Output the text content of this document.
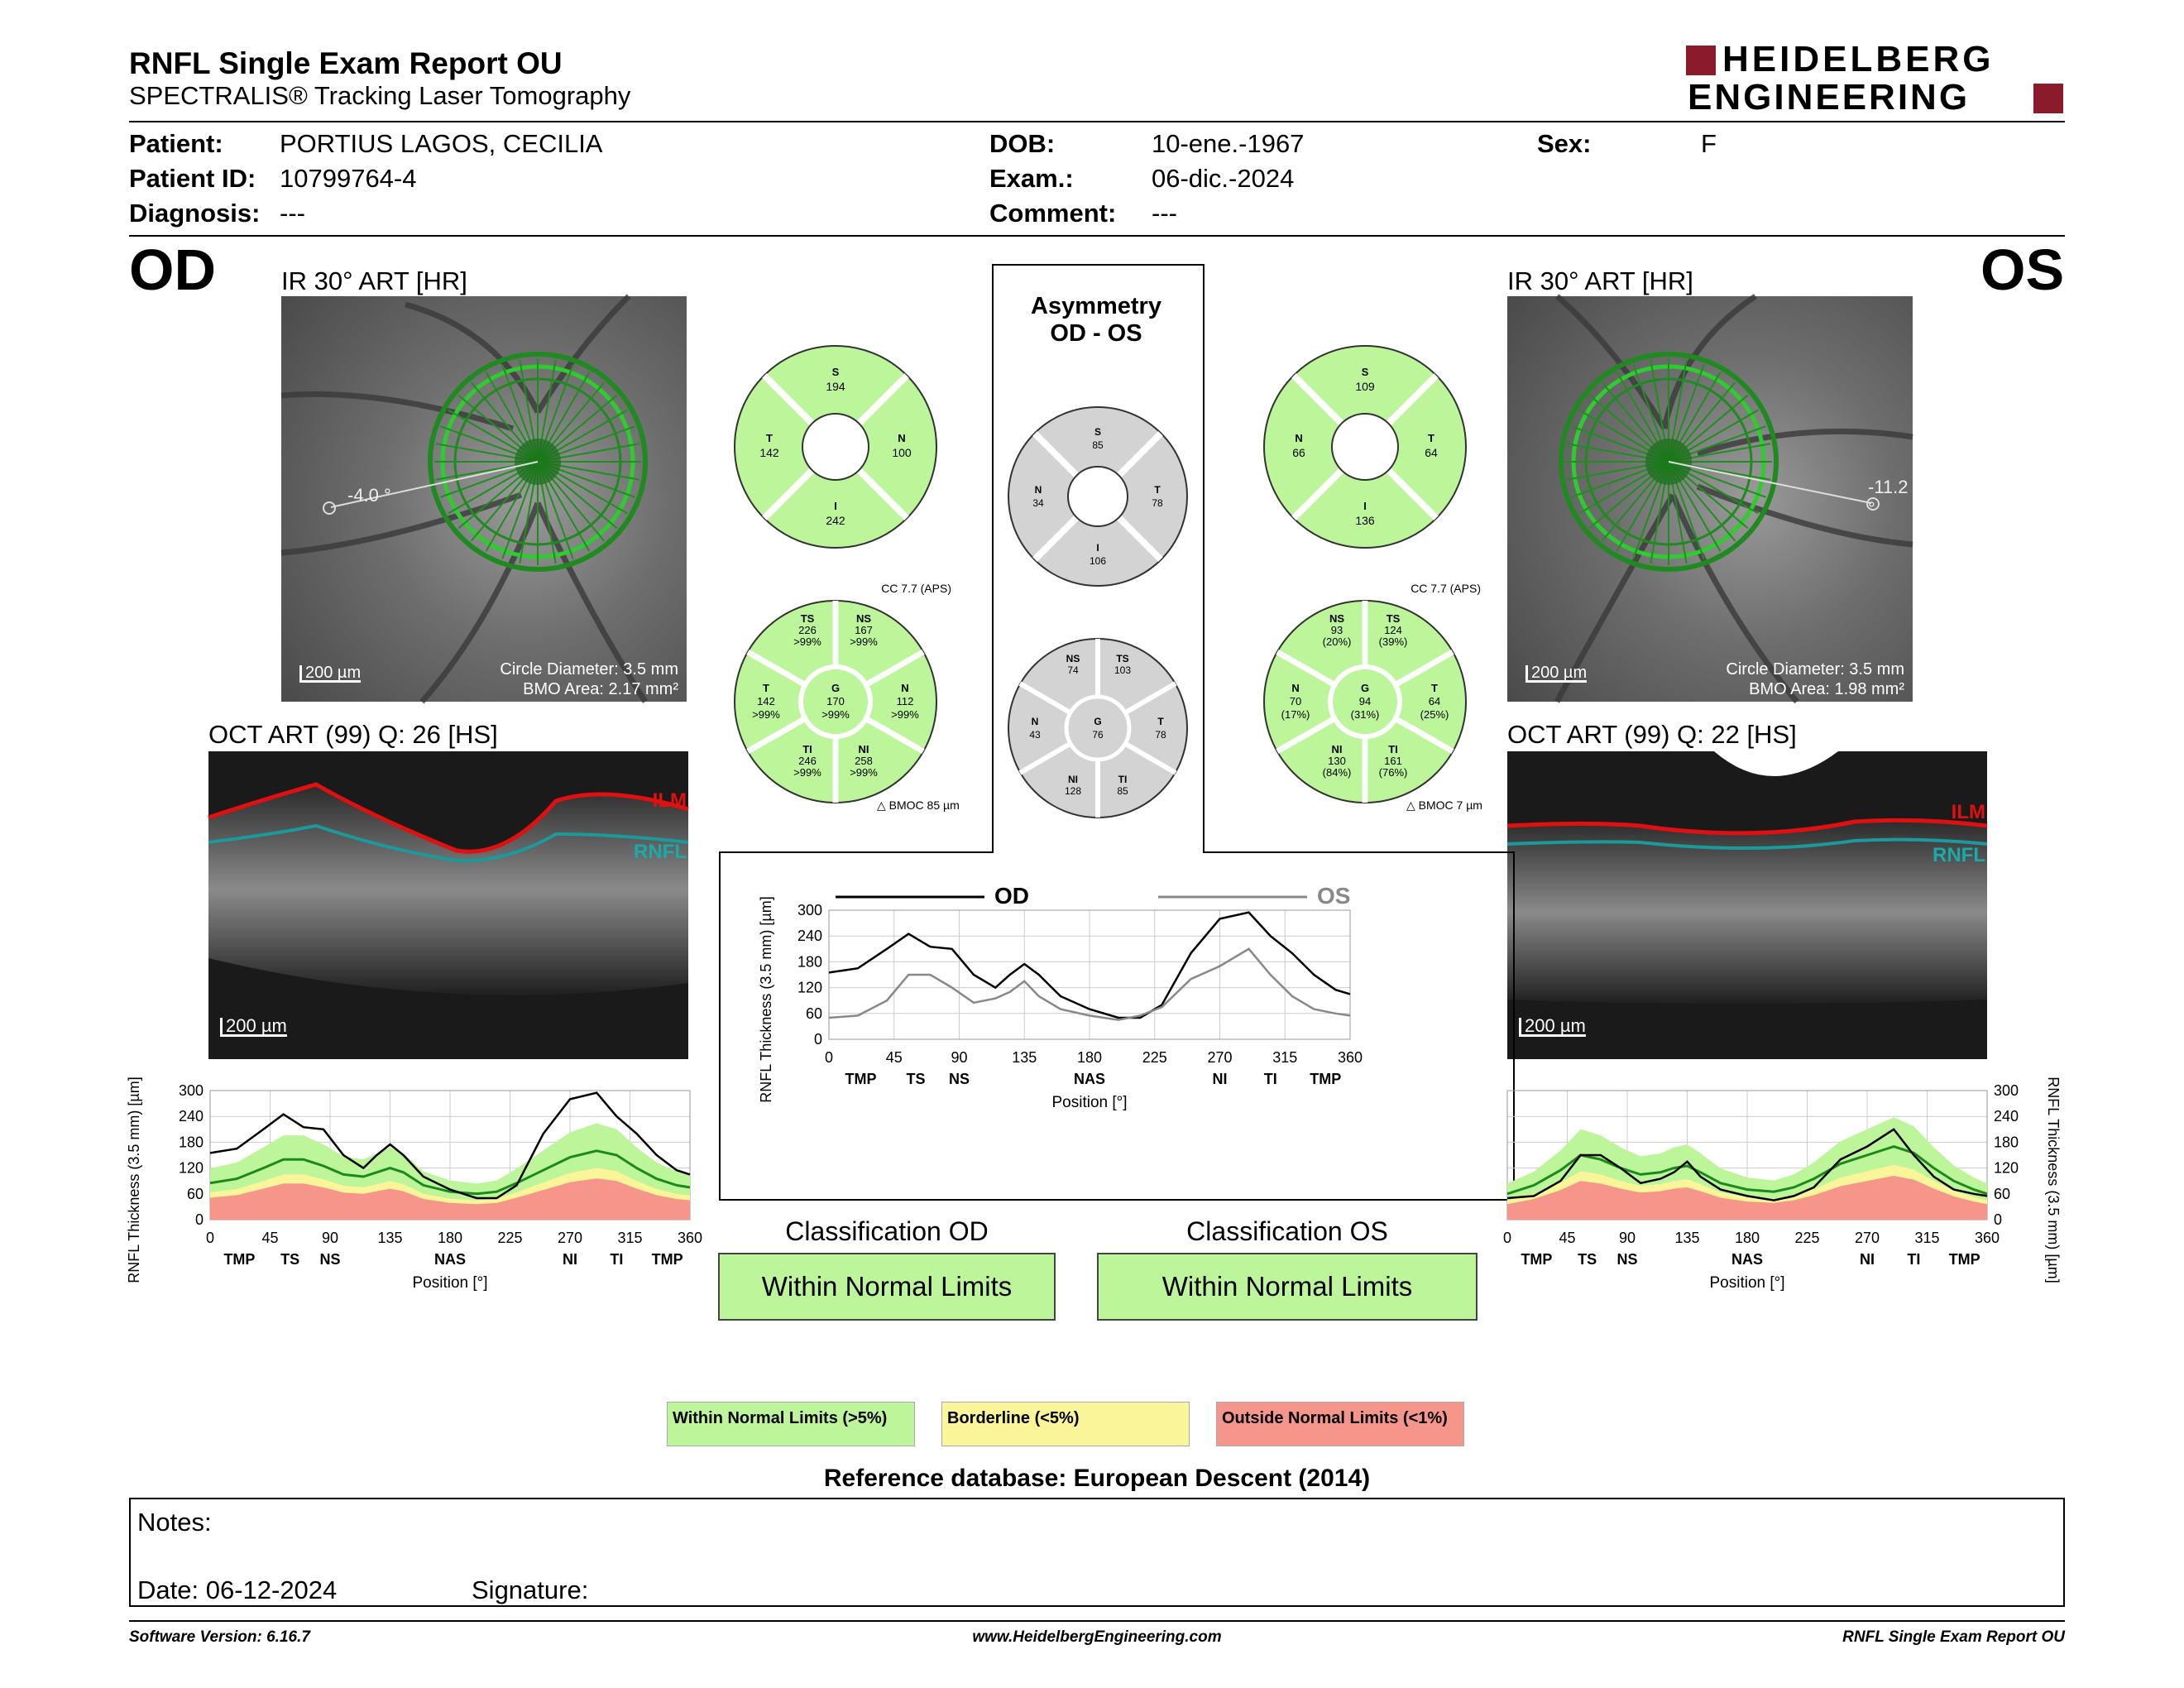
RNFL Single Exam Report OU
SPECTRALIS® Tracking Laser Tomography
HEIDELBERG
ENGINEERING
Patient: PORTIUS LAGOS, CECILIA
Patient ID: 10799764-4
Diagnosis: ---
DOB:	10-ene.-1967
Exam.:	06-dic.-2024
Comment: ---
Sex:	F
OD	OS
IR 30° ART [HR]
-4.0 °
200 µm	Circle Diameter: 3.5 mm
BMO Area: 2.17 mm²
IR 30° ART [HR]
-11.2 °
200 µm	Circle Diameter: 3.5 mm
BMO Area: 1.98 mm²
OCT ART (99) Q: 26 [HS]
ILM
RNFL
200 µm
OCT ART (99) Q: 22 [HS]
ILM
RNFL
200 µm
S
194
T
142
N
100
I
242
S
85
N
34
T
78
I
106
S
109
N
66
T
64
I
136
CC 7.7 (APS)
TS
226
>99%
NS
167
>99%
T
142
>99%
G
170
>99%
N
112
>99%
TI
246
>99%
NI
258
>99%
△ BMOC 85 µm
NS
74
TS
103
N
43
G
76
T
78
NI
128
TI
85
CC 7.7 (APS)
NS
93
(20%)
TS
124
(39%)
N
70
(17%)
G
94
(31%)
T
64
(25%)
NI
130
(84%)
TI
161
(76%)
△ BMOC 7 µm
Asymmetry
OD - OS
0
60
120
180
240
300
0	45	90	135 180 225 270 315 360
TMP TS NS	NAS	NI TI TMP
Position [°]
RNFL Thickness (3.5 mm) [µm]	0
60
120
180
240
300
0	45	90	135 180 225 270 315 360
TMP TS NS	NAS	NI TI TMP
Position [°]	RNFL Thickness (3.5 mm) [µm]
0
60
120
180
240
300
0	45	90	135	180	225	270	315	360
TMP TS NS	NAS	NI TI TMP
Position [°]
RNFL Thickness (3.5 mm) [µm]
OD	OS
Classification OD
Within Normal Limits
Classification OS
Within Normal Limits
Within Normal Limits (>5%)	Borderline (<5%)	Outside Normal Limits (<1%)
Reference database: European Descent (2014)
Notes:
Date: 06-12-2024	Signature:
Software Version: 6.16.7	www.HeidelbergEngineering.com	RNFL Single Exam Report OU
